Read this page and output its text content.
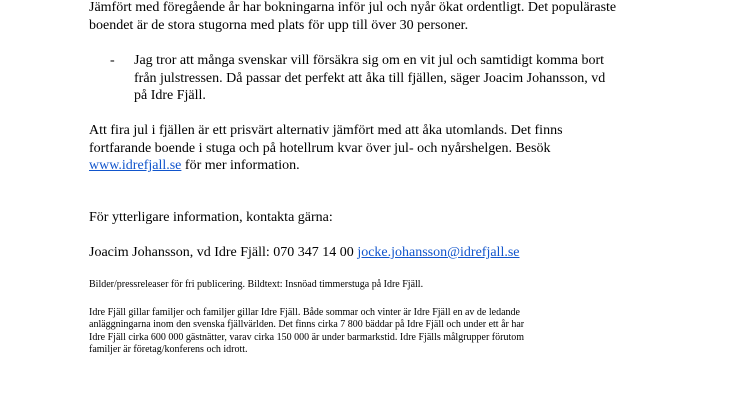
Jämfört med föregående år har bokningarna inför jul och nyår ökat ordentligt. Det populäraste
boendet är de stora stugorna med plats för upp till över 30 personer.
- Jag tror att många svenskar vill försäkra sig om en vit jul och samtidigt komma bort
från julstressen. Då passar det perfekt att åka till fjällen, säger Joacim Johansson, vd
på Idre Fjäll.
Att fira jul i fjällen är ett prisvärt alternativ jämfört med att åka utomlands. Det finns
fortfarande boende i stuga och på hotellrum kvar över jul- och nyårshelgen. Besök
www.idrefjall.se för mer information.
För ytterligare information, kontakta gärna:
Joacim Johansson, vd Idre Fjäll: 070 347 14 00 jocke.johansson@idrefjall.se
Bilder/pressreleaser för fri publicering. Bildtext: Insnöad timmerstuga på Idre Fjäll.
Idre Fjäll gillar familjer och familjer gillar Idre Fjäll. Både sommar och vinter är Idre Fjäll en av de ledande
anläggningarna inom den svenska fjällvärlden. Det finns cirka 7 800 bäddar på Idre Fjäll och under ett år har
Idre Fjäll cirka 600 000 gästnätter, varav cirka 150 000 är under barmarkstid. Idre Fjälls målgrupper förutom
familjer är företag/konferens och idrott.
